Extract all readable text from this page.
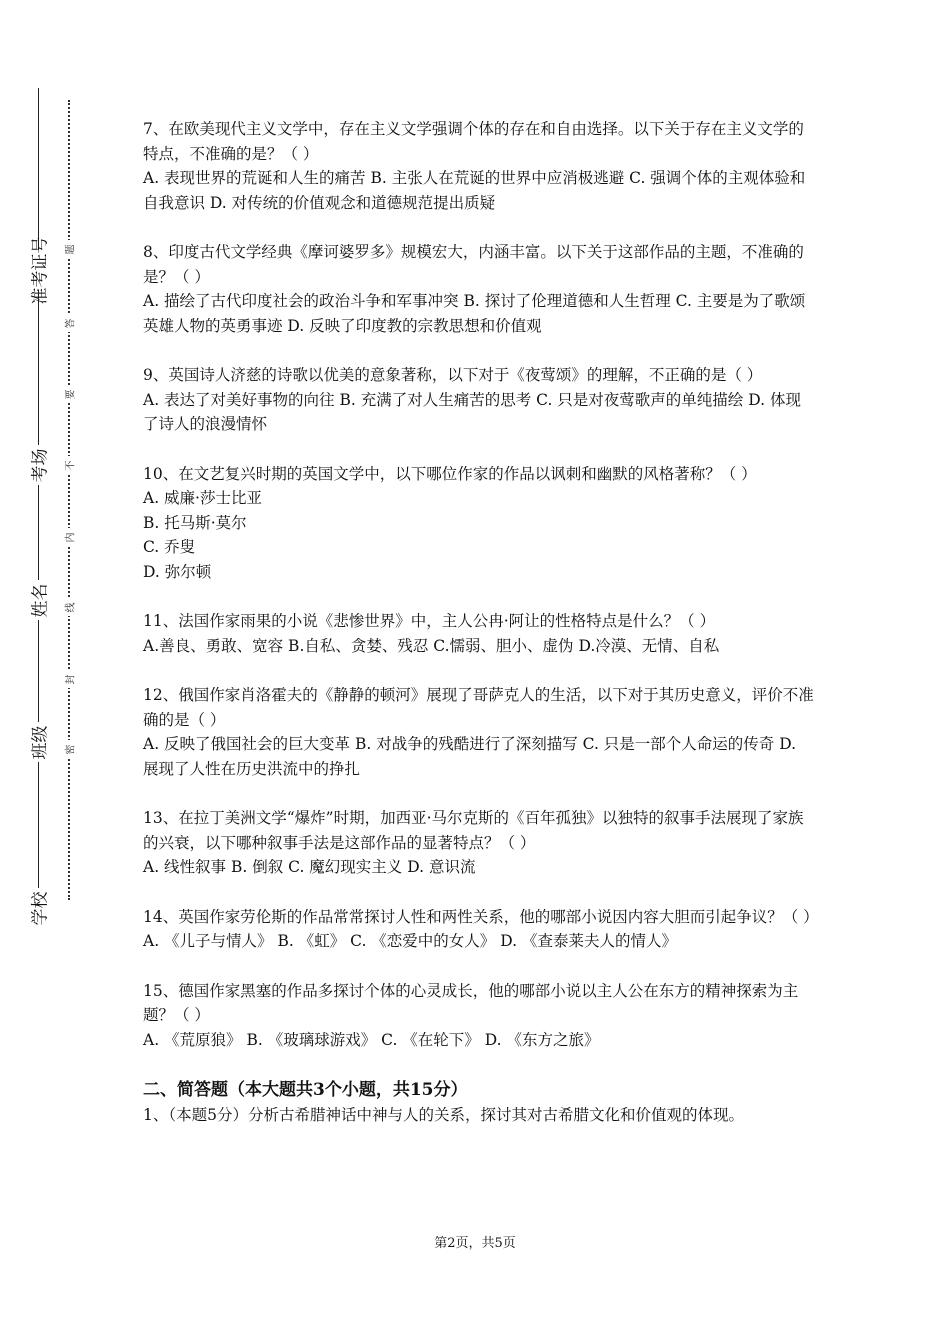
准考证号
考场
姓名
班级
学校
题
答
要
不
内
线
封
密

7、在欧美现代主义文学中，存在主义文学强调个体的存在和自由选择。以下关于存在主义文学的特点，不准确的是？（ ）

A. 表现世界的荒诞和人生的痛苦 B. 主张人在荒诞的世界中应消极逃避 C. 强调个体的主观体验和自我意识 D. 对传统的价值观念和道德规范提出质疑

8、印度古代文学经典《摩诃婆罗多》规模宏大，内涵丰富。以下关于这部作品的主题，不准确的是？（ ）

A. 描绘了古代印度社会的政治斗争和军事冲突 B. 探讨了伦理道德和人生哲理 C. 主要是为了歌颂英雄人物的英勇事迹 D. 反映了印度教的宗教思想和价值观

9、英国诗人济慈的诗歌以优美的意象著称，以下对于《夜莺颂》的理解，不正确的是（ ）

A. 表达了对美好事物的向往 B. 充满了对人生痛苦的思考 C. 只是对夜莺歌声的单纯描绘 D. 体现了诗人的浪漫情怀

10、在文艺复兴时期的英国文学中，以下哪位作家的作品以讽刺和幽默的风格著称？（ ）

A. 威廉·莎士比亚

B. 托马斯·莫尔

C. 乔叟

D. 弥尔顿

11、法国作家雨果的小说《悲惨世界》中，主人公冉·阿让的性格特点是什么？（ ）

A.善良、勇敢、宽容 B.自私、贪婪、残忍 C.懦弱、胆小、虚伪 D.冷漠、无情、自私

12、俄国作家肖洛霍夫的《静静的顿河》展现了哥萨克人的生活，以下对于其历史意义，评价不准确的是（ ）

A. 反映了俄国社会的巨大变革 B. 对战争的残酷进行了深刻描写 C. 只是一部个人命运的传奇 D. 展现了人性在历史洪流中的挣扎

13、在拉丁美洲文学“爆炸”时期，加西亚·马尔克斯的《百年孤独》以独特的叙事手法展现了家族的兴衰，以下哪种叙事手法是这部作品的显著特点？（ ）

A. 线性叙事 B. 倒叙 C. 魔幻现实主义 D. 意识流

14、英国作家劳伦斯的作品常常探讨人性和两性关系，他的哪部小说因内容大胆而引起争议？（ ）

A. 《儿子与情人》 B. 《虹》 C. 《恋爱中的女人》 D. 《查泰莱夫人的情人》

15、德国作家黑塞的作品多探讨个体的心灵成长，他的哪部小说以主人公在东方的精神探索为主题？（ ）

A. 《荒原狼》 B. 《玻璃球游戏》 C. 《在轮下》 D. 《东方之旅》

二、简答题（本大题共3个小题，共15分）

1、（本题5分）分析古希腊神话中神与人的关系，探讨其对古希腊文化和价值观的体现。

第2页，共5页
